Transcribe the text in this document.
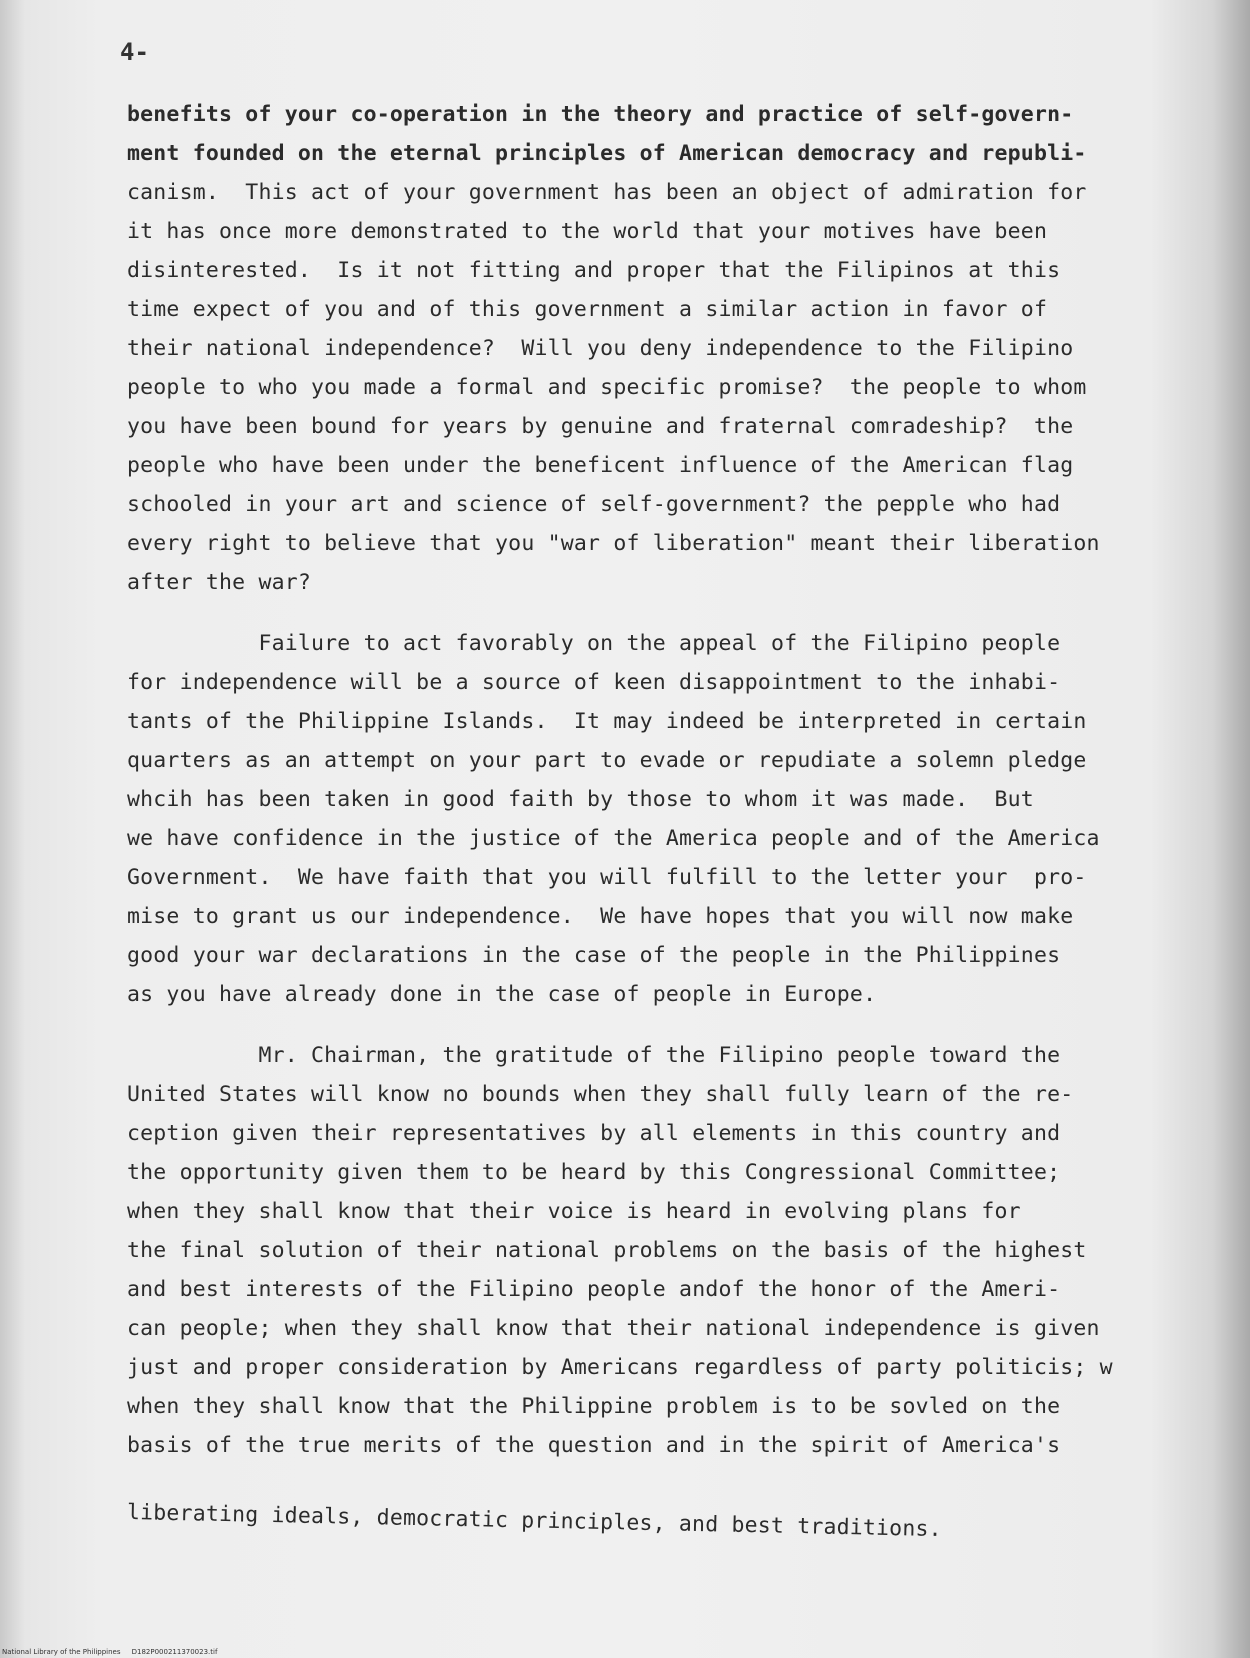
4-
benefits of your co-operation in the theory and practice of self-govern-
ment founded on the eternal principles of American democracy and republi-
canism.  This act of your government has been an object of admiration for
it has once more demonstrated to the world that your motives have been
disinterested.  Is it not fitting and proper that the Filipinos at this
time expect of you and of this government a similar action in favor of
their national independence?  Will you deny independence to the Filipino
people to who you made a formal and specific promise?  the people to whom
you have been bound for years by genuine and fraternal comradeship?  the
people who have been under the beneficent influence of the American flag
schooled in your art and science of self-government? the pepple who had
every right to believe that you "war of liberation" meant their liberation
after the war?
Failure to act favorably on the appeal of the Filipino people
for independence will be a source of keen disappointment to the inhabi-
tants of the Philippine Islands.  It may indeed be interpreted in certain
quarters as an attempt on your part to evade or repudiate a solemn pledge
whcih has been taken in good faith by those to whom it was made.  But
we have confidence in the justice of the America people and of the America
Government.  We have faith that you will fulfill to the letter your  pro-
mise to grant us our independence.  We have hopes that you will now make
good your war declarations in the case of the people in the Philippines
as you have already done in the case of people in Europe.
Mr. Chairman, the gratitude of the Filipino people toward the
United States will know no bounds when they shall fully learn of the re-
ception given their representatives by all elements in this country and
the opportunity given them to be heard by this Congressional Committee;
when they shall know that their voice is heard in evolving plans for
the final solution of their national problems on the basis of the highest
and best interests of the Filipino people andof the honor of the Ameri-
can people; when they shall know that their national independence is given
just and proper consideration by Americans regardless of party politicis; w
when they shall know that the Philippine problem is to be sovled on the
basis of the true merits of the question and in the spirit of America's
liberating ideals, democratic principles, and best traditions.
National Library of the Philippines     D182P000211370023.tif
